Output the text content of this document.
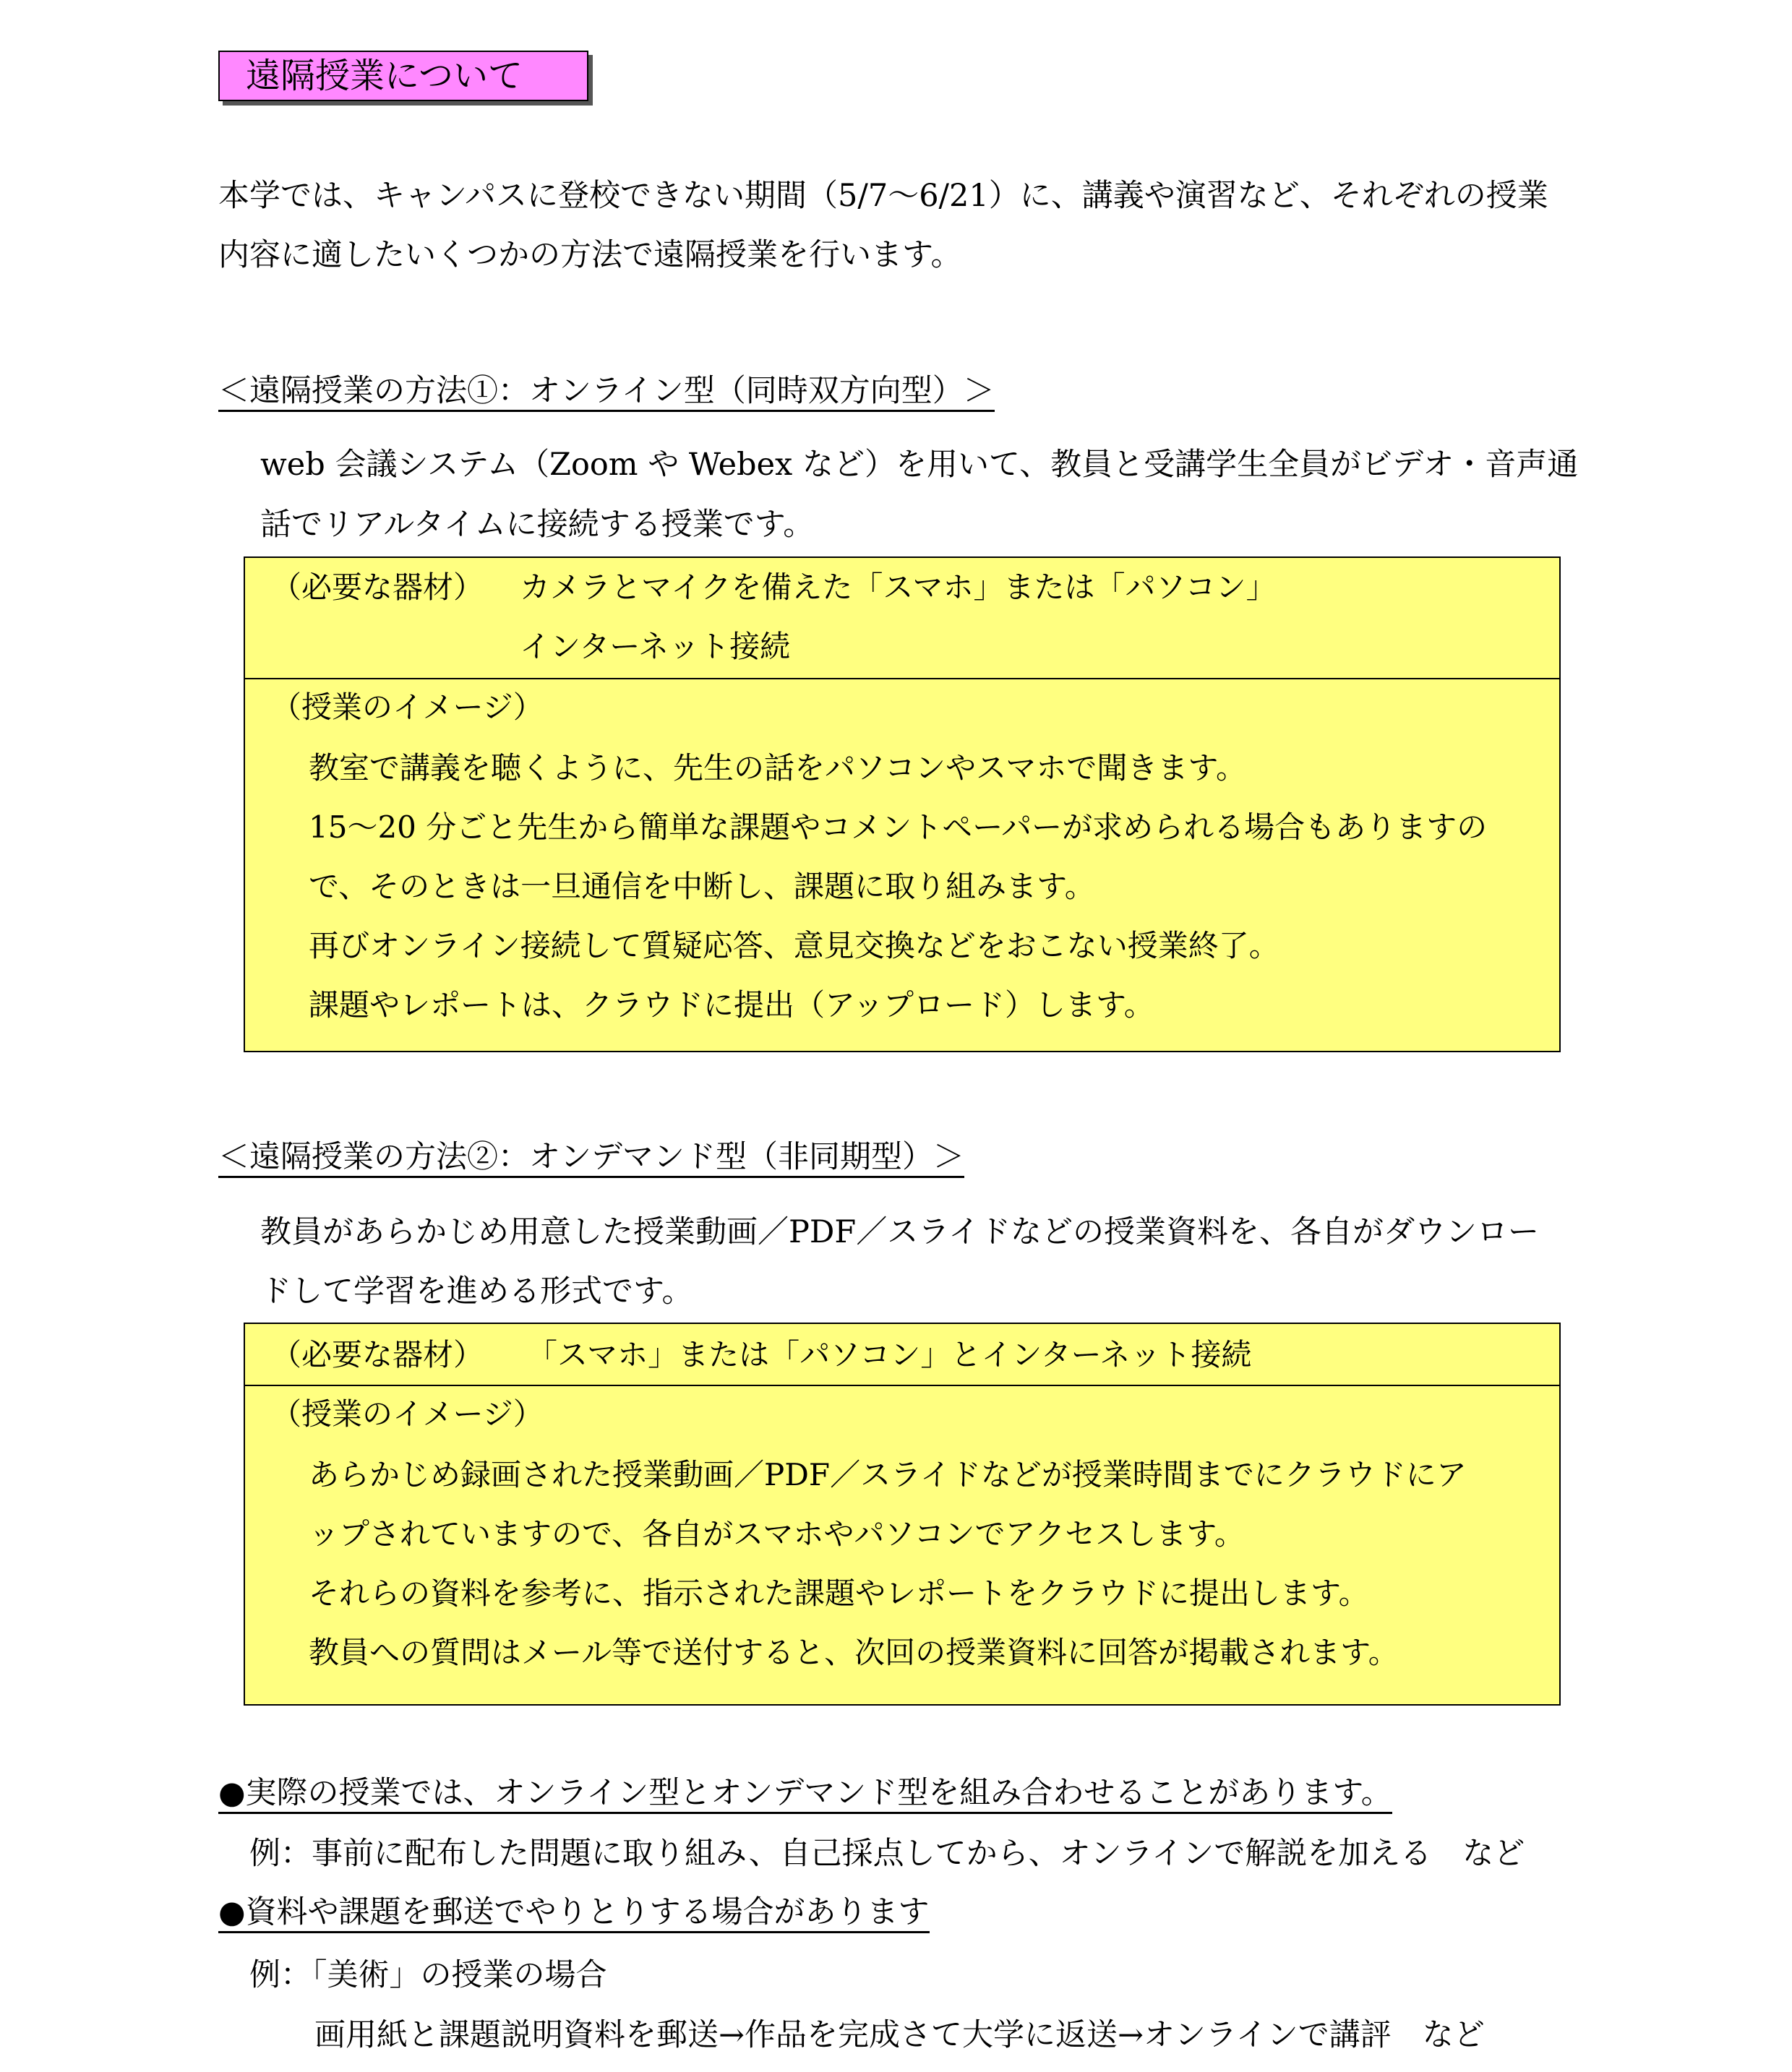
遠隔授業について
本学では、キャンパスに登校できない期間（5/7〜6/21）に、講義や演習など、それぞれの授業
内容に適したいくつかの方法で遠隔授業を行います。
＜遠隔授業の方法①：オンライン型（同時双方向型）＞
web 会議システム（Zoom や Webex など）を用いて、教員と受講学生全員がビデオ・音声通
話でリアルタイムに接続する授業です。
（必要な器材） カメラとマイクを備えた「スマホ」または「パソコン」
インターネット接続
（授業のイメージ）
教室で講義を聴くように、先生の話をパソコンやスマホで聞きます。
15〜20 分ごと先生から簡単な課題やコメントペーパーが求められる場合もありますの
で、そのときは一旦通信を中断し、課題に取り組みます。
再びオンライン接続して質疑応答、意見交換などをおこない授業終了。
課題やレポートは、クラウドに提出（アップロード）します。
＜遠隔授業の方法②：オンデマンド型（非同期型）＞
教員があらかじめ用意した授業動画／PDF／スライドなどの授業資料を、各自がダウンロー
ドして学習を進める形式です。
（必要な器材） 「スマホ」または「パソコン」とインターネット接続
（授業のイメージ）
あらかじめ録画された授業動画／PDF／スライドなどが授業時間までにクラウドにア
ップされていますので、各自がスマホやパソコンでアクセスします。
それらの資料を参考に、指示された課題やレポートをクラウドに提出します。
教員への質問はメール等で送付すると、次回の授業資料に回答が掲載されます。
●実際の授業では、オンライン型とオンデマンド型を組み合わせることがあります。
例：事前に配布した問題に取り組み、自己採点してから、オンラインで解説を加える　など
●資料や課題を郵送でやりとりする場合があります
例：「美術」の授業の場合
画用紙と課題説明資料を郵送→作品を完成さて大学に返送→オンラインで講評　など
